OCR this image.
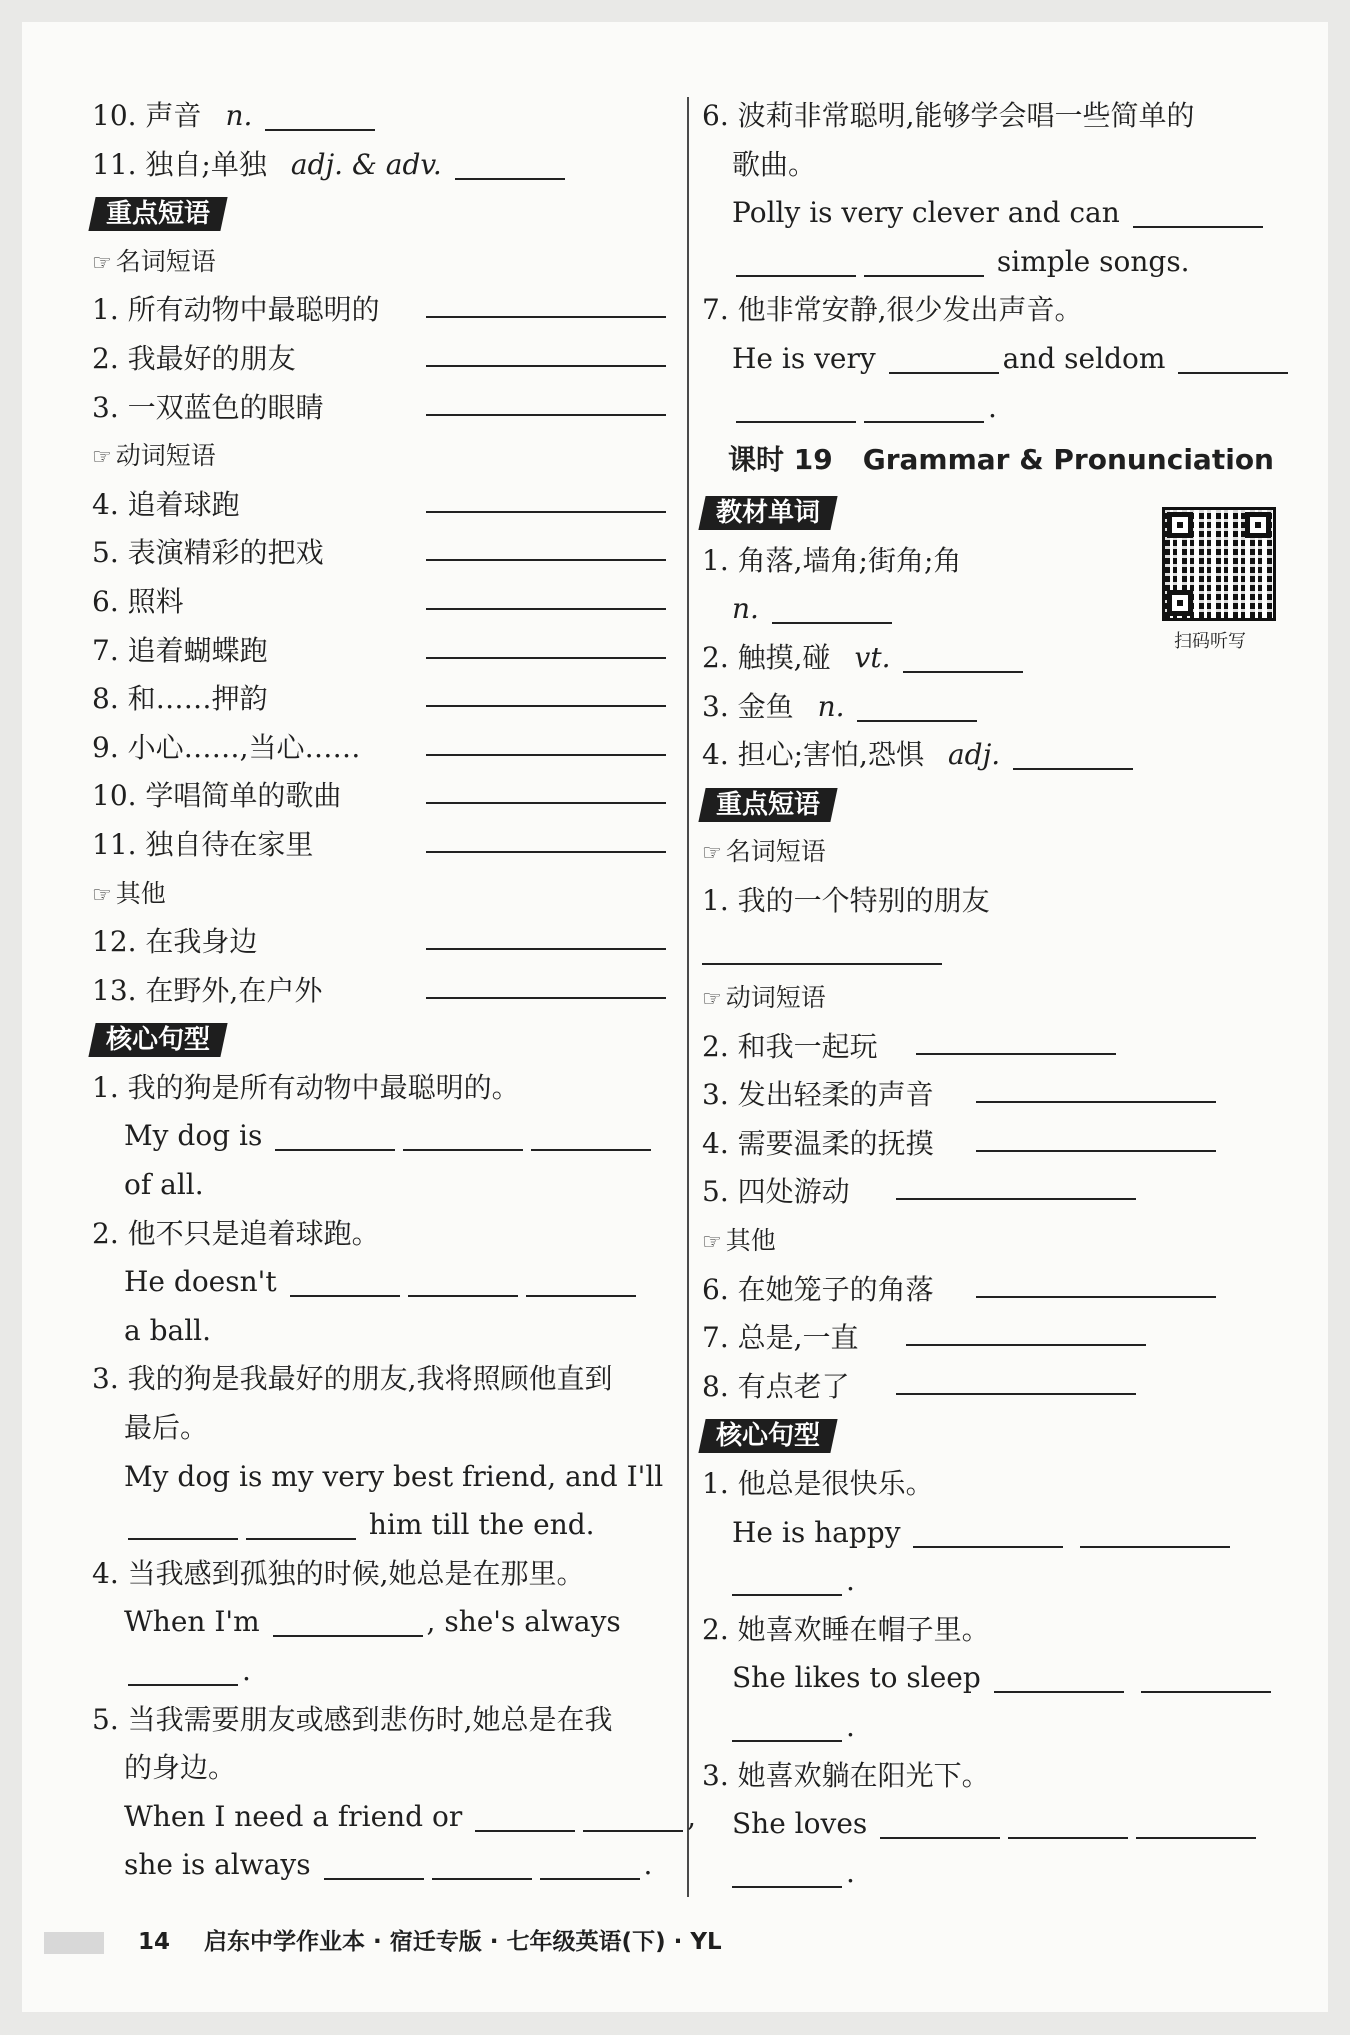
10. 声音 n.
11. 独自;单独 adj. & adv.
重点短语
☞ 名词短语
1. 所有动物中最聪明的
2. 我最好的朋友
3. 一双蓝色的眼睛
☞ 动词短语
4. 追着球跑
5. 表演精彩的把戏
6. 照料
7. 追着蝴蝶跑
8. 和……押韵
9. 小心……,当心……
10. 学唱简单的歌曲
11. 独自待在家里
☞ 其他
12. 在我身边
13. 在野外,在户外
核心句型
1. 我的狗是所有动物中最聪明的。
My dog is
of all.
2. 他不只是追着球跑。
He doesn't
a ball.
3. 我的狗是我最好的朋友,我将照顾他直到
最后。
My dog is my very best friend, and I'll
him till the end.
4. 当我感到孤独的时候,她总是在那里。
When I'm	, she's always
.
5. 当我需要朋友或感到悲伤时,她总是在我
的身边。
When I need a friend or	,
she is always	.
6. 波莉非常聪明,能够学会唱一些简单的
歌曲。
Polly is very clever and can
simple songs.
7. 他非常安静,很少发出声音。
He is very	and seldom
.
课时 19 Grammar & Pronunciation
教材单词
1. 角落,墙角;街角;角
n.
2. 触摸,碰 vt.
3. 金鱼 n.
4. 担心;害怕,恐惧 adj.
重点短语
☞ 名词短语
1. 我的一个特别的朋友
☞ 动词短语
2. 和我一起玩
3. 发出轻柔的声音
4. 需要温柔的抚摸
5. 四处游动
☞ 其他
6. 在她笼子的角落
7. 总是,一直
8. 有点老了
核心句型
1. 他总是很快乐。
He is happy
.
2. 她喜欢睡在帽子里。
She likes to sleep
.
3. 她喜欢躺在阳光下。
She loves
.
扫码听写
14 启东中学作业本 · 宿迁专版 · 七年级英语(下) · YL
